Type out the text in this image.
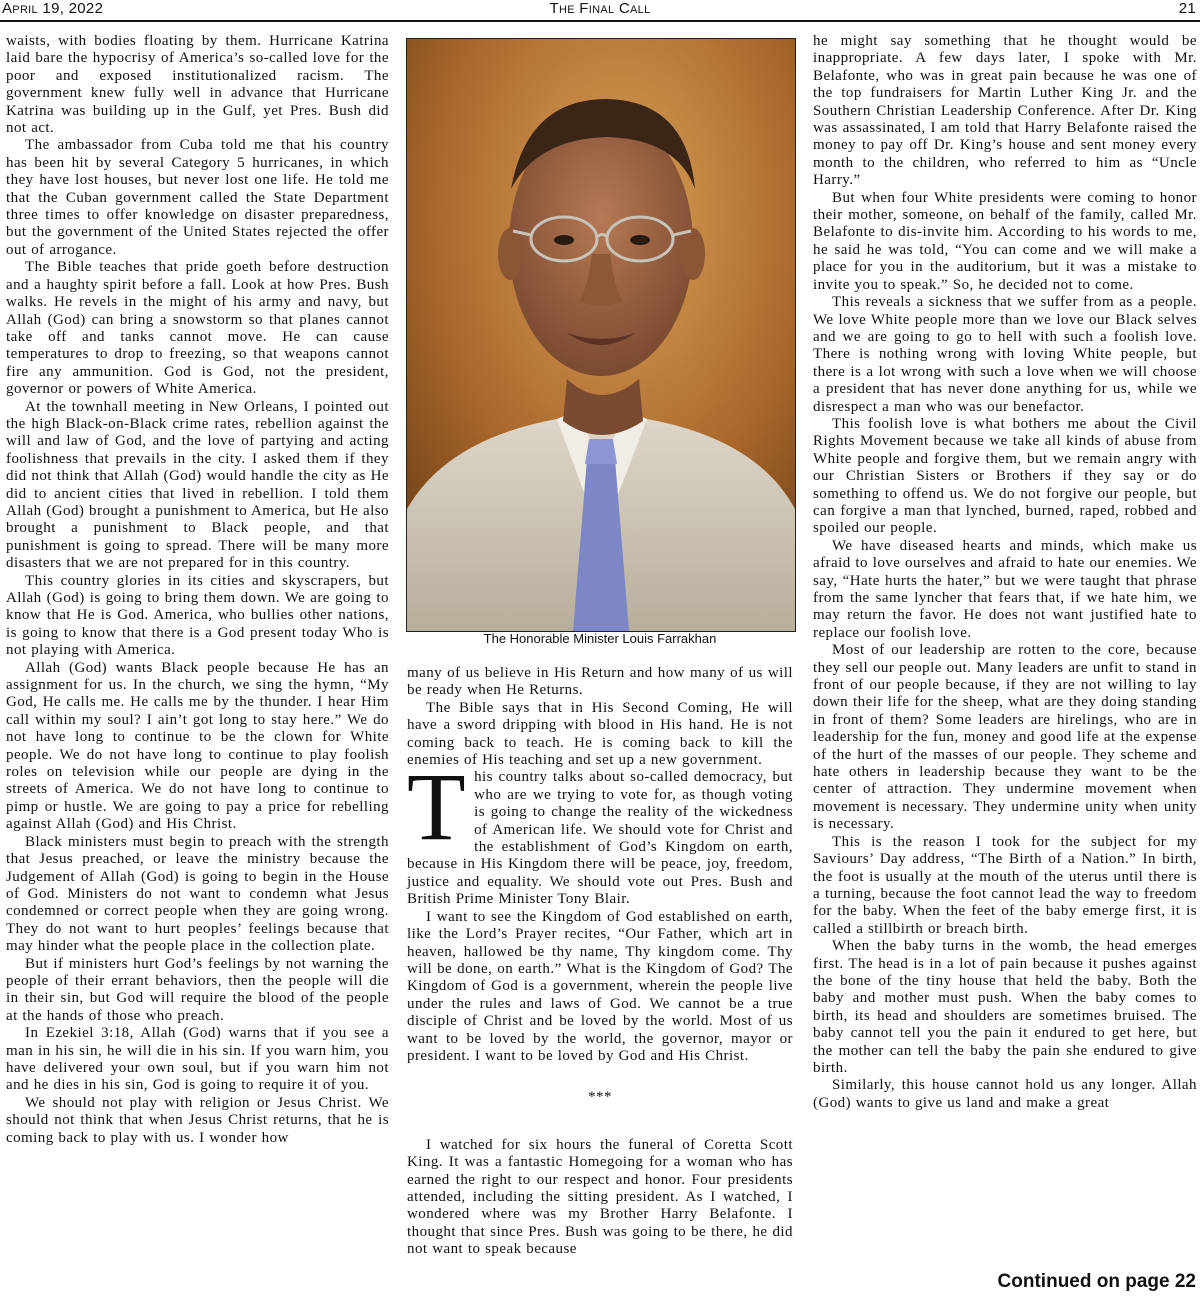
April 19, 2022	The Final Call	21

waists, with bodies floating by them. Hurricane Katrina laid bare the hypocrisy of America’s so-called love for the poor and exposed institutionalized racism. The government knew fully well in advance that Hurricane Katrina was building up in the Gulf, yet Pres. Bush did not act.

The ambassador from Cuba told me that his country has been hit by several Category 5 hurricanes, in which they have lost houses, but never lost one life. He told me that the Cuban government called the State Department three times to offer knowledge on disaster preparedness, but the government of the United States rejected the offer out of arrogance.

The Bible teaches that pride goeth before destruction and a haughty spirit before a fall. Look at how Pres. Bush walks. He revels in the might of his army and navy, but Allah (God) can bring a snowstorm so that planes cannot take off and tanks cannot move. He can cause temperatures to drop to freezing, so that weapons cannot fire any ammunition. God is God, not the president, governor or powers of White America.

At the townhall meeting in New Orleans, I pointed out the high Black-on-Black crime rates, rebellion against the will and law of God, and the love of partying and acting foolishness that prevails in the city. I asked them if they did not think that Allah (God) would handle the city as He did to ancient cities that lived in rebellion. I told them Allah (God) brought a punishment to America, but He also brought a punishment to Black people, and that punishment is going to spread. There will be many more disasters that we are not prepared for in this country.

This country glories in its cities and skyscrapers, but Allah (God) is going to bring them down. We are going to know that He is God. America, who bullies other nations, is going to know that there is a God present today Who is not playing with America.

Allah (God) wants Black people because He has an assignment for us. In the church, we sing the hymn, “My God, He calls me. He calls me by the thunder. I hear Him call within my soul? I ain’t got long to stay here.” We do not have long to continue to be the clown for White people. We do not have long to continue to play foolish roles on television while our people are dying in the streets of America. We do not have long to continue to pimp or hustle. We are going to pay a price for rebelling against Allah (God) and His Christ.

Black ministers must begin to preach with the strength that Jesus preached, or leave the ministry because the Judgement of Allah (God) is going to begin in the House of God. Ministers do not want to condemn what Jesus condemned or correct people when they are going wrong. They do not want to hurt peoples’ feelings because that may hinder what the people place in the collection plate.

But if ministers hurt God’s feelings by not warning the people of their errant behaviors, then the people will die in their sin, but God will require the blood of the people at the hands of those who preach.

In Ezekiel 3:18, Allah (God) warns that if you see a man in his sin, he will die in his sin. If you warn him, you have delivered your own soul, but if you warn him not and he dies in his sin, God is going to require it of you.

We should not play with religion or Jesus Christ. We should not think that when Jesus Christ returns, that he is coming back to play with us. I wonder how

The Honorable Minister Louis Farrakhan

many of us believe in His Return and how many of us will be ready when He Returns.

The Bible says that in His Second Coming, He will have a sword dripping with blood in His hand. He is not coming back to teach. He is coming back to kill the enemies of His teaching and set up a new government.

This country talks about so-called democracy, but who are we trying to vote for, as though voting is going to change the reality of the wickedness of American life. We should vote for Christ and the establishment of God’s Kingdom on earth, because in His Kingdom there will be peace, joy, freedom, justice and equality. We should vote out Pres. Bush and British Prime Minister Tony Blair.

I want to see the Kingdom of God established on earth, like the Lord’s Prayer recites, “Our Father, which art in heaven, hallowed be thy name, Thy kingdom come. Thy will be done, on earth.” What is the Kingdom of God? The Kingdom of God is a government, wherein the people live under the rules and laws of God. We cannot be a true disciple of Christ and be loved by the world. Most of us want to be loved by the world, the governor, mayor or president. I want to be loved by God and His Christ.

***

I watched for six hours the funeral of Coretta Scott King. It was a fantastic Homegoing for a woman who has earned the right to our respect and honor. Four presidents attended, including the sitting president. As I watched, I wondered where was my Brother Harry Belafonte. I thought that since Pres. Bush was going to be there, he did not want to speak because

he might say something that he thought would be inappropriate. A few days later, I spoke with Mr. Belafonte, who was in great pain because he was one of the top fundraisers for Martin Luther King Jr. and the Southern Christian Leadership Conference. After Dr. King was assassinated, I am told that Harry Belafonte raised the money to pay off Dr. King’s house and sent money every month to the children, who referred to him as “Uncle Harry.”

But when four White presidents were coming to honor their mother, someone, on behalf of the family, called Mr. Belafonte to dis-invite him. According to his words to me, he said he was told, “You can come and we will make a place for you in the auditorium, but it was a mistake to invite you to speak.” So, he decided not to come.

This reveals a sickness that we suffer from as a people. We love White people more than we love our Black selves and we are going to go to hell with such a foolish love. There is nothing wrong with loving White people, but there is a lot wrong with such a love when we will choose a president that has never done anything for us, while we disrespect a man who was our benefactor.

This foolish love is what bothers me about the Civil Rights Movement because we take all kinds of abuse from White people and forgive them, but we remain angry with our Christian Sisters or Brothers if they say or do something to offend us. We do not forgive our people, but can forgive a man that lynched, burned, raped, robbed and spoiled our people.

We have diseased hearts and minds, which make us afraid to love ourselves and afraid to hate our enemies. We say, “Hate hurts the hater,” but we were taught that phrase from the same lyncher that fears that, if we hate him, we may return the favor. He does not want justified hate to replace our foolish love.

Most of our leadership are rotten to the core, because they sell our people out. Many leaders are unfit to stand in front of our people because, if they are not willing to lay down their life for the sheep, what are they doing standing in front of them? Some leaders are hirelings, who are in leadership for the fun, money and good life at the expense of the hurt of the masses of our people. They scheme and hate others in leadership because they want to be the center of attraction. They undermine movement when movement is necessary. They undermine unity when unity is necessary.

This is the reason I took for the subject for my Saviours’ Day address, “The Birth of a Nation.” In birth, the foot is usually at the mouth of the uterus until there is a turning, because the foot cannot lead the way to freedom for the baby. When the feet of the baby emerge first, it is called a stillbirth or breach birth.

When the baby turns in the womb, the head emerges first. The head is in a lot of pain because it pushes against the bone of the tiny house that held the baby. Both the baby and mother must push. When the baby comes to birth, its head and shoulders are sometimes bruised. The baby cannot tell you the pain it endured to get here, but the mother can tell the baby the pain she endured to give birth.

Similarly, this house cannot hold us any longer. Allah (God) wants to give us land and make a great

Continued on page 22
